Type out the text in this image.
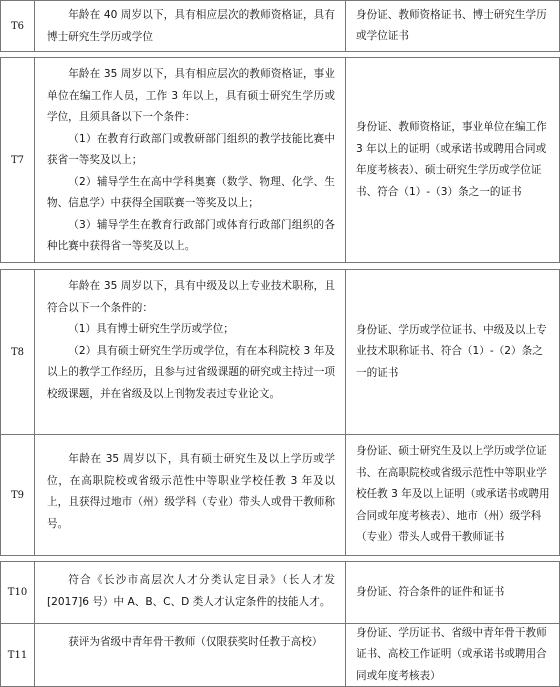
T6

年龄在 40 周岁以下，具有相应层次的教师资格证，具有博士研究生学历或学位

身份证、教师资格证书、博士研究生学历或学位证书

T7

年龄在 35 周岁以下，具有相应层次的教师资格证，事业单位在编工作人员，工作 3 年以上，具有硕士研究生学历或学位，且须具备以下一个条件：

（1）在教育行政部门或教研部门组织的教学技能比赛中获省一等奖及以上；

（2）辅导学生在高中学科奥赛（数学、物理、化学、生物、信息学）中获得全国联赛一等奖及以上；

（3）辅导学生在教育行政部门或体育行政部门组织的各种比赛中获得省一等奖及以上。

身份证、教师资格证，事业单位在编工作 3 年以上的证明（或承诺书或聘用合同或年度考核表）、硕士研究生学历或学位证书、符合（1）-（3）条之一的证书

T8

年龄在 35 周岁以下，具有中级及以上专业技术职称，且符合以下一个条件的：

（1）具有博士研究生学历或学位；

（2）具有硕士研究生学历或学位，有在本科院校 3 年及以上的教学工作经历，且参与过省级课题的研究或主持过一项校级课题，并在省级及以上刊物发表过专业论文。

身份证、学历或学位证书、中级及以上专业技术职称证书、符合（1）-（2）条之一的证书

T9

年龄在 35 周岁以下，具有硕士研究生及以上学历或学位，在高职院校或省级示范性中等职业学校任教 3 年及以上，且获得过地市（州）级学科（专业）带头人或骨干教师称号。

身份证、硕士研究生及以上学历或学位证书、在高职院校或省级示范性中等职业学校任教 3 年及以上证明（或承诺书或聘用合同或年度考核表）、地市（州）级学科（专业）带头人或骨干教师证书

T10

符合《长沙市高层次人才分类认定目录》（长人才发[2017]6 号）中 A、B、C、D 类人才认定条件的技能人才。

身份证、符合条件的证件和证书

T11

获评为省级中青年骨干教师（仅限获奖时任教于高校）

身份证、学历证书、省级中青年骨干教师证书、高校工作证明（或承诺书或聘用合同或年度考核表）
